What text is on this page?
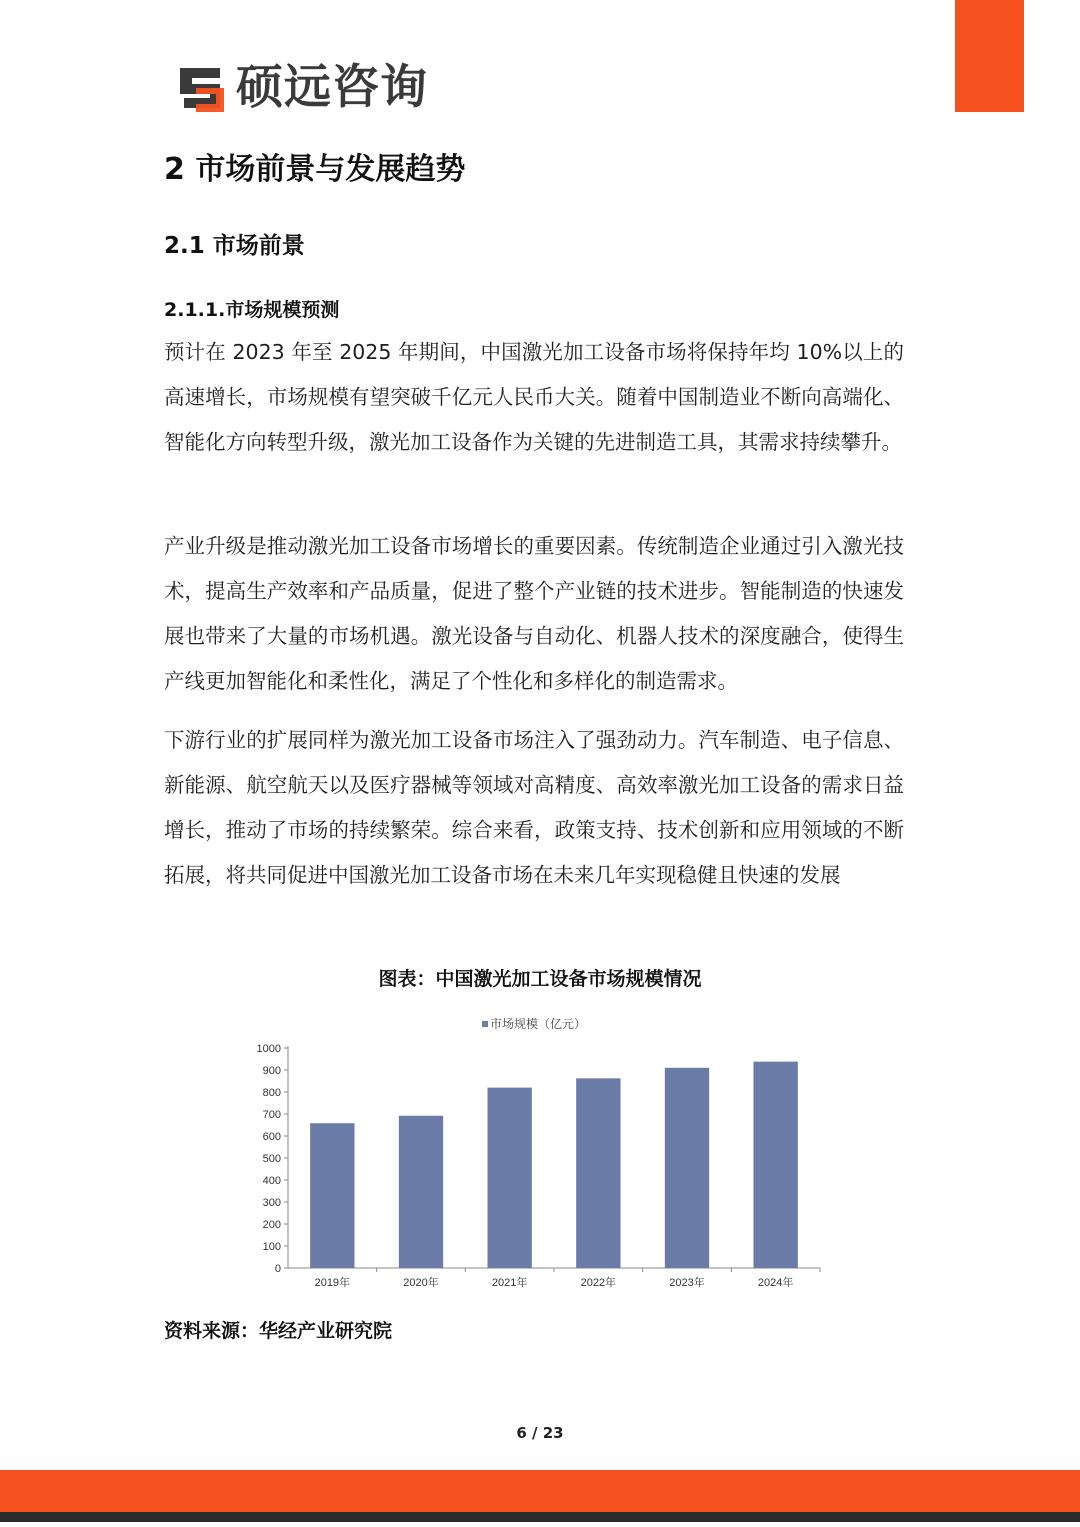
硕远咨询
2 市场前景与发展趋势
2.1 市场前景
2.1.1.市场规模预测

预计在 2023 年至 2025 年期间，中国激光加工设备市场将保持年均 10%以上的高速增长，市场规模有望突破千亿元人民币大关。随着中国制造业不断向高端化、智能化方向转型升级，激光加工设备作为关键的先进制造工具，其需求持续攀升。

产业升级是推动激光加工设备市场增长的重要因素。传统制造企业通过引入激光技术，提高生产效率和产品质量，促进了整个产业链的技术进步。智能制造的快速发展也带来了大量的市场机遇。激光设备与自动化、机器人技术的深度融合，使得生产线更加智能化和柔性化，满足了个性化和多样化的制造需求。

下游行业的扩展同样为激光加工设备市场注入了强劲动力。汽车制造、电子信息、新能源、航空航天以及医疗器械等领域对高精度、高效率激光加工设备的需求日益增长，推动了市场的持续繁荣。综合来看，政策支持、技术创新和应用领域的不断拓展，将共同促进中国激光加工设备市场在未来几年实现稳健且快速的发展

图表：中国激光加工设备市场规模情况
市场规模（亿元）
0
100
200
300
400
500
600
700
800
900
1000
2019年	2020年	2021年	2022年	2023年	2024年
资料来源：华经产业研究院
6 / 23
